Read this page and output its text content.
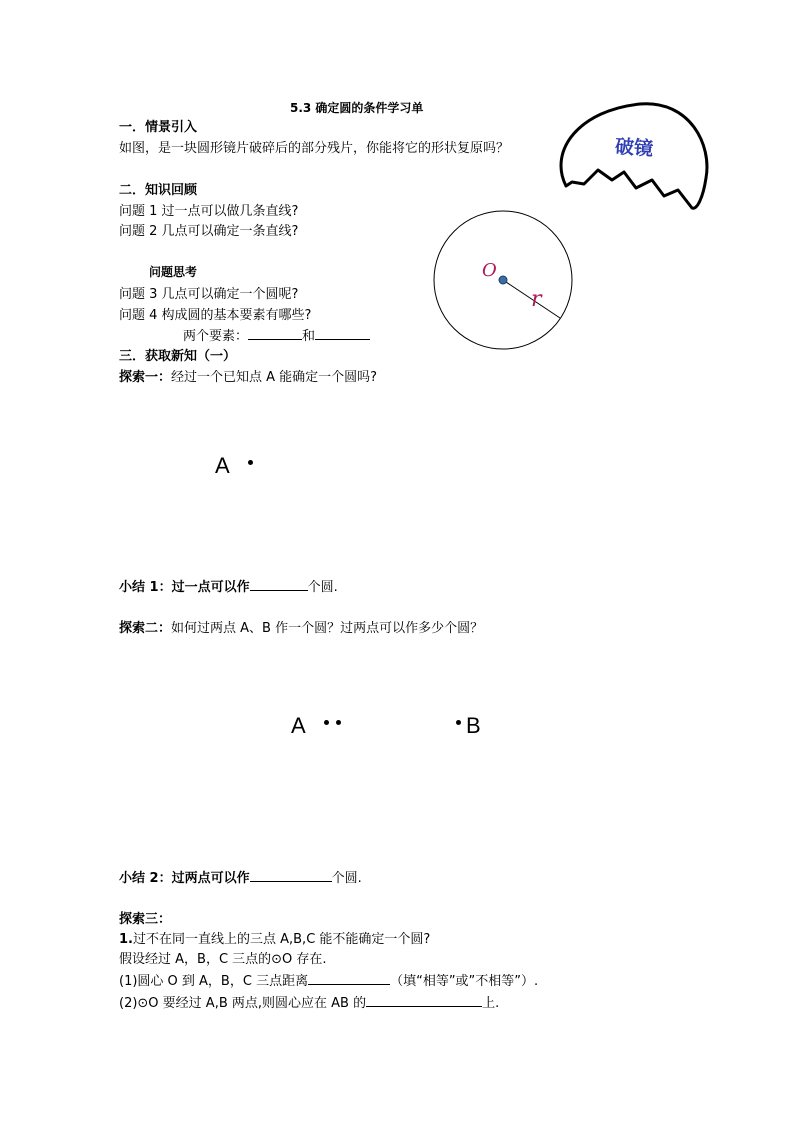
5.3 确定圆的条件学习单
一．情景引入
如图，是一块圆形镜片破碎后的部分残片，你能将它的形状复原吗？	破镜
O
r
二．知识回顾
问题 1 过一点可以做几条直线?
问题 2 几点可以确定一条直线?
问题思考
问题 3 几点可以确定一个圆呢?
问题 4 构成圆的基本要素有哪些?
两个要素：	和
三．获取新知（一）
探索一：经过一个已知点 A 能确定一个圆吗?
A
小结 1：过一点可以作	个圆.
探索二：如何过两点 A、B 作一个圆？过两点可以作多少个圆？
A	B
小结 2：过两点可以作	个圆.
探索三：
1.过不在同一直线上的三点 A,B,C 能不能确定一个圆?
假设经过 A，B，C 三点的⊙O 存在.
(1)圆心 O 到 A，B，C 三点距离	（填“相等”或”不相等”）.
(2)⊙O 要经过 A,B 两点,则圆心应在 AB 的	上.
